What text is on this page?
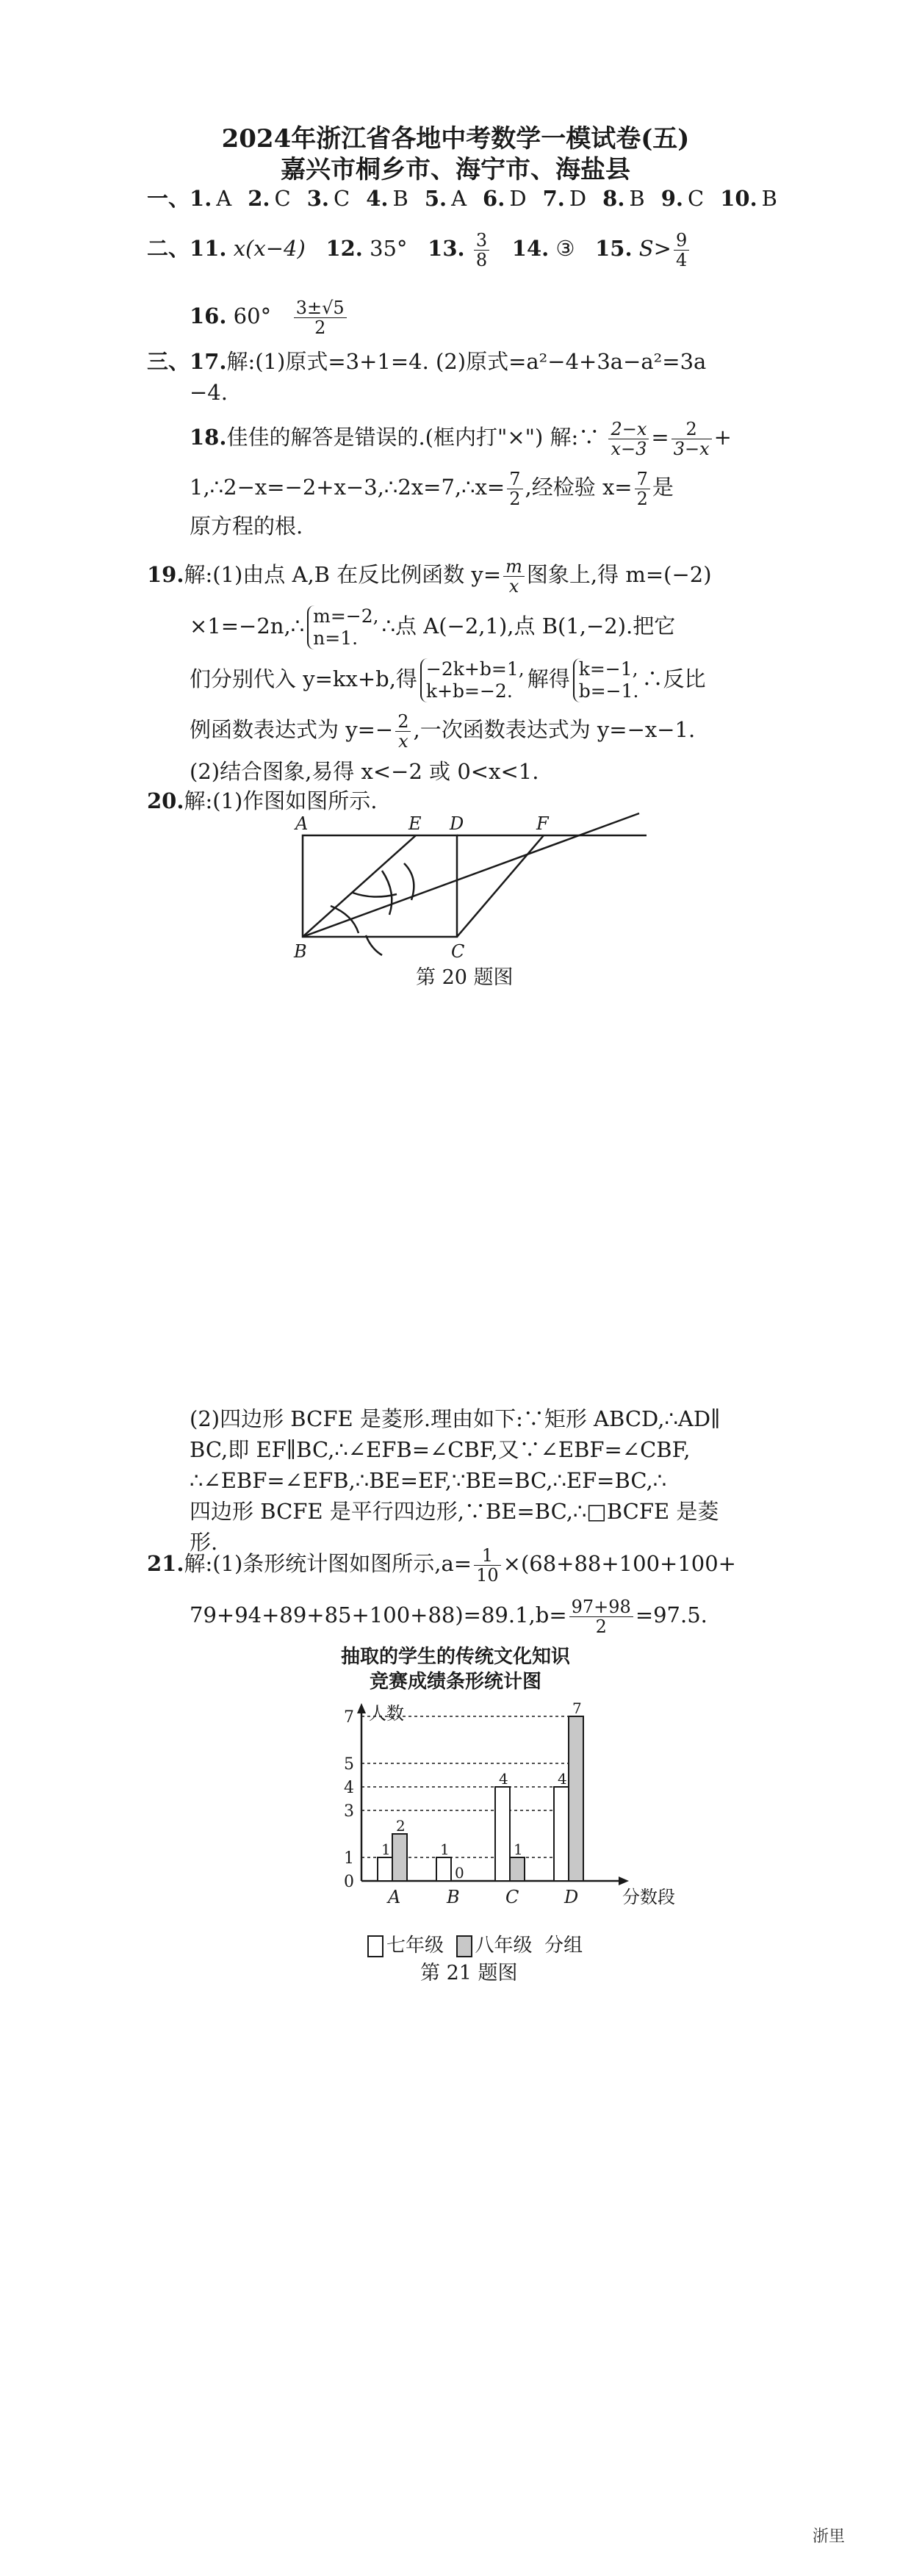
2024年浙江省各地中考数学一模试卷(五)
嘉兴市桐乡市、海宁市、海盐县
一、1. A 2. C 3. C 4. B 5. A 6. D 7. D 8. B 9. C 10. B
二、11. x(x−4) 12. 35° 13. $\frac{3}{8} 14$. ③ 15. $S> \frac{9}{4}$
16. $60^\circ \frac{3\pm√5}{2}$
三、17.解:(1)原式=3+1=4. (2)原式=a²−4+3a−a²=3a
−4.
18.佳佳的解答是错误的.(框内打"×") 解:∵ $\frac{2-x}{x-3} = \frac{2}{3-x}$ +
1,∴2−x=−2+x−3,∴2x=7,∴x= $\frac{7}{2}$ ,经检验 $x= \frac{7}{2}$ 是
原方程的根.
19.解:(1)由点 A,B 在反比例函数 $y= \frac{m}{x}$ 图象上,得 m=(−2)
×1=−2n,∴ m=−2,
n=1.	∴点 A(−2,1),点 B(1,−2).把它
们分别代入 y=kx+b,得 −2k+b=1,
k+b=−2. 解得 k=−1,
b=−1. ∴反比
例函数表达式为 $y=- \frac{2}{x}$ ,一次函数表达式为 y=−x−1.
(2)结合图象,易得 x<−2 或 0<x<1.
20.解:(1)作图如图所示.
A	E D	F
B	C
第 20 题图
(2)四边形 BCFE 是菱形.理由如下:∵矩形 ABCD,∴AD∥
BC,即 EF∥BC,∴∠EFB=∠CBF,又∵∠EBF=∠CBF,
∴∠EBF=∠EFB,∴BE=EF,∵BE=BC,∴EF=BC,∴
四边形 BCFE 是平行四边形,∵BE=BC,∴□BCFE 是菱
形.
21.解:(1)条形统计图如图所示$,a= \frac{1}{10} \times(68+88+100+100+$
$79+94+89+85+100+88)=89.1,b= \frac{97+98}{2} =97.5$.
抽取的学生的传统文化知识
竞赛成绩条形统计图
0
1
3
4
5
7 人数
分数段
A
1
2
B
1
0
C
4
1
D
4
7
七年级 八年级 分组
第 21 题图
浙里
